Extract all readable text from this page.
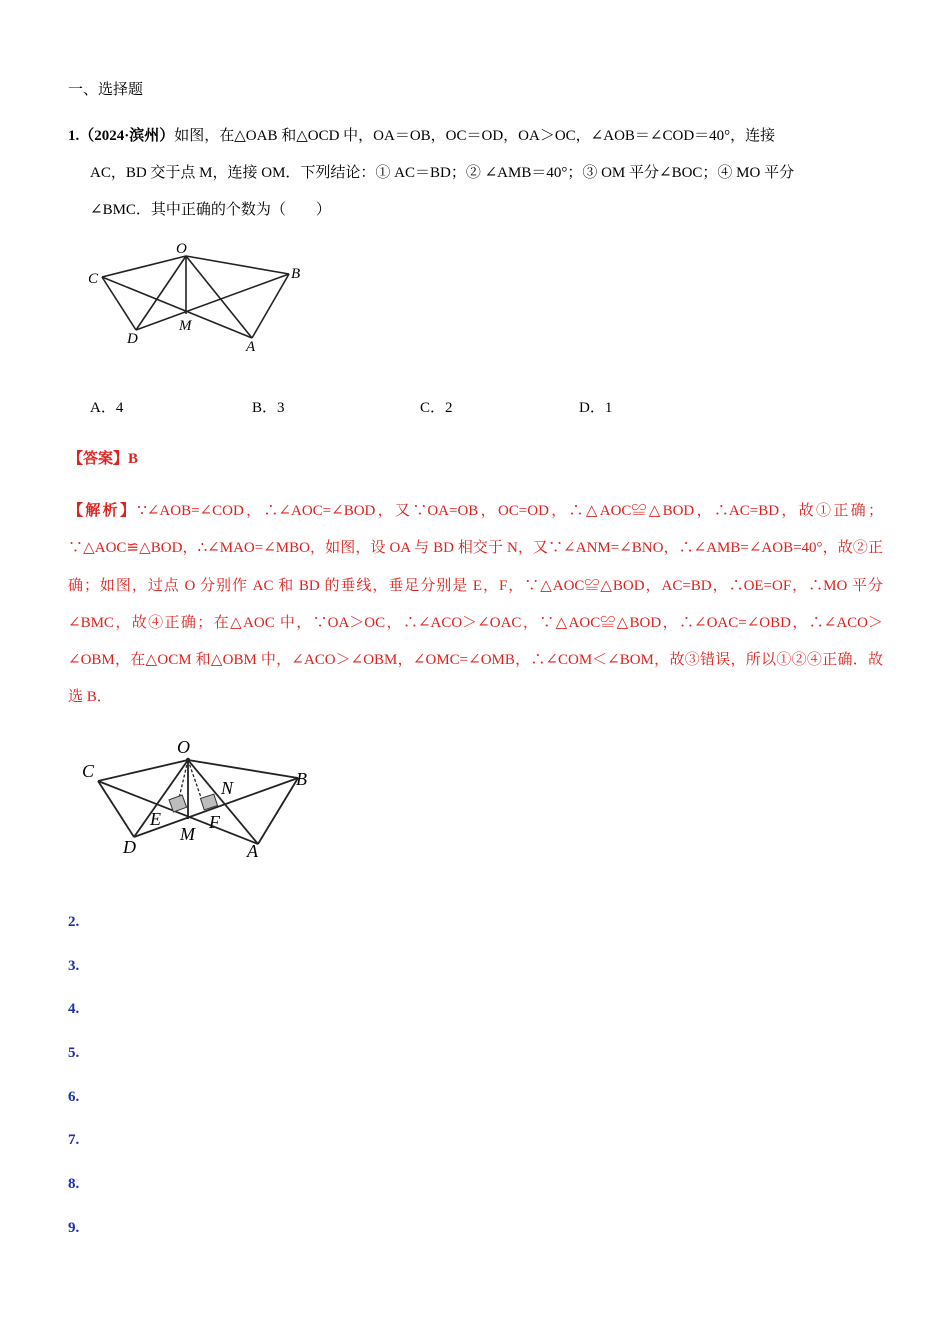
一、选择题
1.（2024·滨州）如图，在△OAB 和△OCD 中，OA＝OB，OC＝OD，OA＞OC，∠AOB＝∠COD＝40°，连接
AC，BD 交于点 M，连接 OM．下列结论：① AC＝BD；② ∠AMB＝40°；③ OM 平分∠BOC；④ MO 平分
∠BMC．其中正确的个数为（　　）
O
C	B
D
M
A
A．4	B．3	C．2	D．1
【答案】B
【解析】∵∠AOB=∠COD，∴∠AOC=∠BOD，又∵OA=OB，OC=OD，∴△AOC≌△BOD，∴AC=BD，故①正确；∵△AOC≌△BOD，∴∠MAO=∠MBO，如图，设 OA 与 BD 相交于 N，又∵∠ANM=∠BNO，∴∠AMB=∠AOB=40°，故②正确；如图，过点 O 分别作 AC 和 BD 的垂线，垂足分别是 E，F，∵△AOC≌△BOD，AC=BD，∴OE=OF，∴MO 平分∠BMC，故④正确；在△AOC 中，∵OA＞OC，∴∠ACO＞∠OAC，∵△AOC≌△BOD，∴∠OAC=∠OBD，∴∠ACO＞∠OBM，在△OCM 和△OBM 中，∠ACO＞∠OBM，∠OMC=∠OMB，∴∠COM＜∠BOM，故③错误，所以①②④正确．故选 B．
O
C	B
N
E	F
D
M
A
2.
3.
4.
5.
6.
7.
8.
9.
